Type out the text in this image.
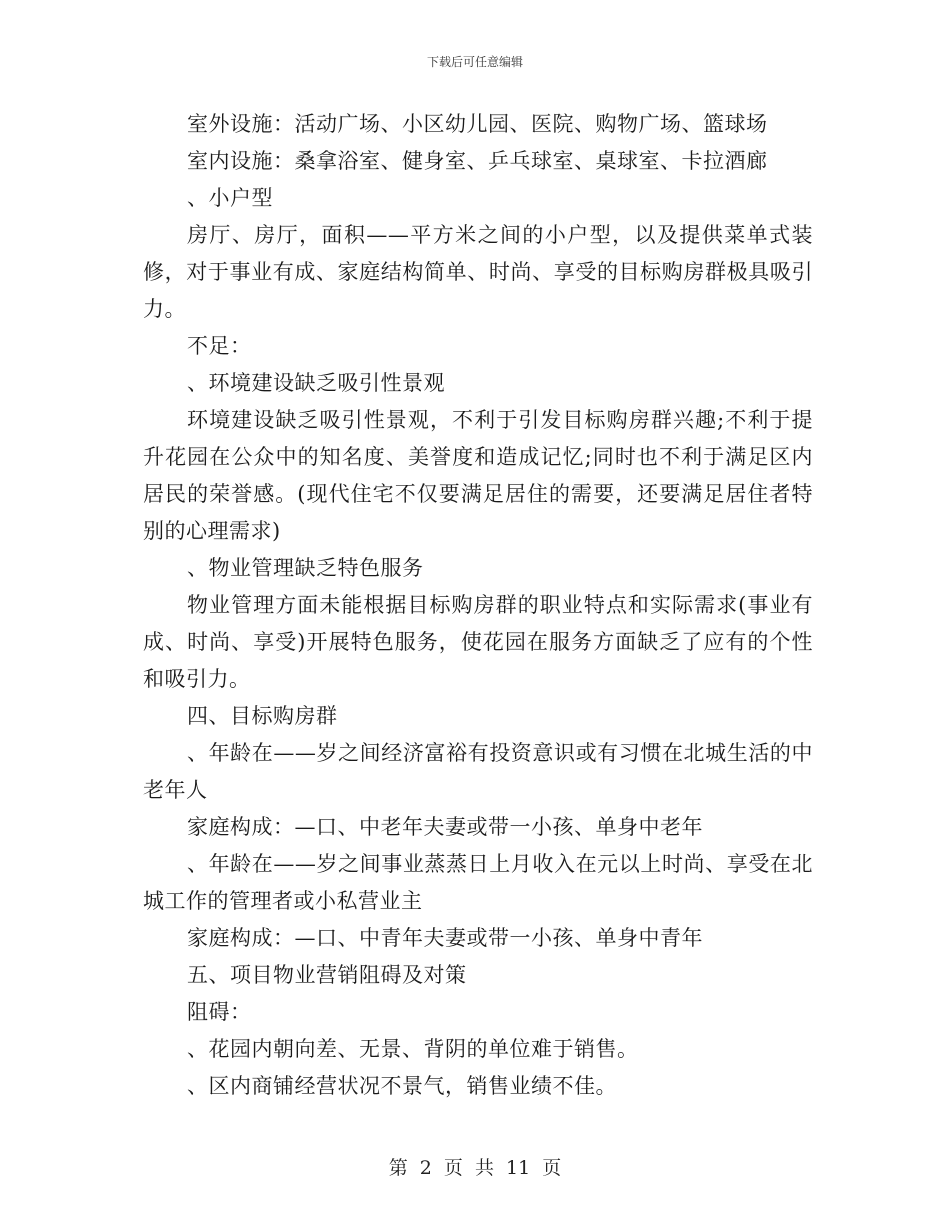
下载后可任意编辑

室外设施：活动广场、小区幼儿园、医院、购物广场、篮球场

室内设施：桑拿浴室、健身室、乒乓球室、桌球室、卡拉酒廊

、小户型

房厅、房厅，面积——平方米之间的小户型，以及提供菜单式装修，对于事业有成、家庭结构简单、时尚、享受的目标购房群极具吸引力。

不足：

、环境建设缺乏吸引性景观

环境建设缺乏吸引性景观，不利于引发目标购房群兴趣;不利于提升花园在公众中的知名度、美誉度和造成记忆;同时也不利于满足区内居民的荣誉感。(现代住宅不仅要满足居住的需要，还要满足居住者特别的心理需求)

、物业管理缺乏特色服务

物业管理方面未能根据目标购房群的职业特点和实际需求(事业有成、时尚、享受)开展特色服务，使花园在服务方面缺乏了应有的个性和吸引力。

四、目标购房群

、年龄在——岁之间经济富裕有投资意识或有习惯在北城生活的中老年人

家庭构成：—口、中老年夫妻或带一小孩、单身中老年

、年龄在——岁之间事业蒸蒸日上月收入在元以上时尚、享受在北城工作的管理者或小私营业主

家庭构成：—口、中青年夫妻或带一小孩、单身中青年

五、项目物业营销阻碍及对策

阻碍：

、花园内朝向差、无景、背阴的单位难于销售。

、区内商铺经营状况不景气，销售业绩不佳。

第 2 页 共 11 页
